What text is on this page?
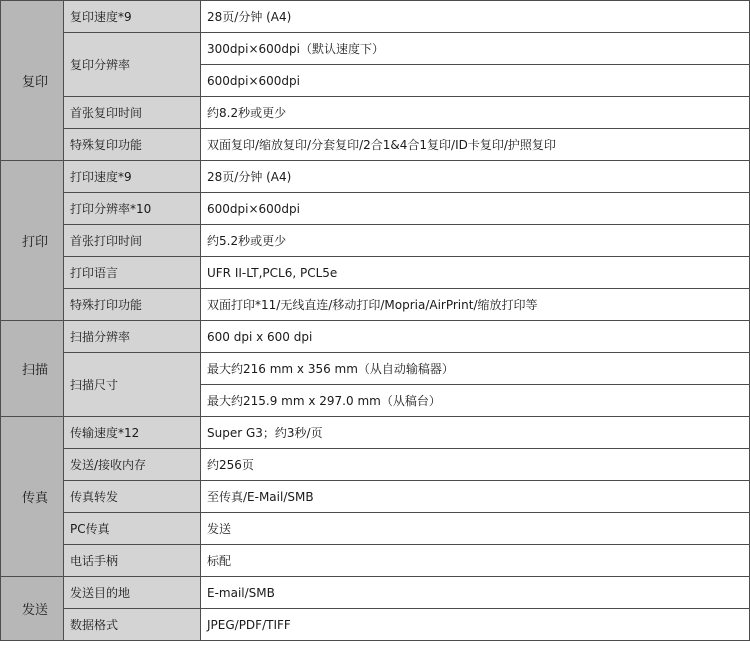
复印	复印速度*9	28页/分钟 (A4)
	复印分辨率	300dpi×600dpi（默认速度下）
		600dpi×600dpi
	首张复印时间	约8.2秒或更少
	特殊复印功能	双面复印/缩放复印/分套复印/2合1&4合1复印/ID卡复印/护照复印
打印	打印速度*9	28页/分钟 (A4)
	打印分辨率*10	600dpi×600dpi
	首张打印时间	约5.2秒或更少
	打印语言	UFR II-LT,PCL6, PCL5e
	特殊打印功能	双面打印*11/无线直连/移动打印/Mopria/AirPrint/缩放打印等
扫描	扫描分辨率	600 dpi x 600 dpi
	扫描尺寸	最大约216 mm x 356 mm（从自动输稿器）
		最大约215.9 mm x 297.0 mm（从稿台）
传真	传输速度*12	Super G3；约3秒/页
	发送/接收内存	约256页
	传真转发	至传真/E-Mail/SMB
	PC传真	发送
	电话手柄	标配
发送	发送目的地	E-mail/SMB
	数据格式	JPEG/PDF/TIFF
